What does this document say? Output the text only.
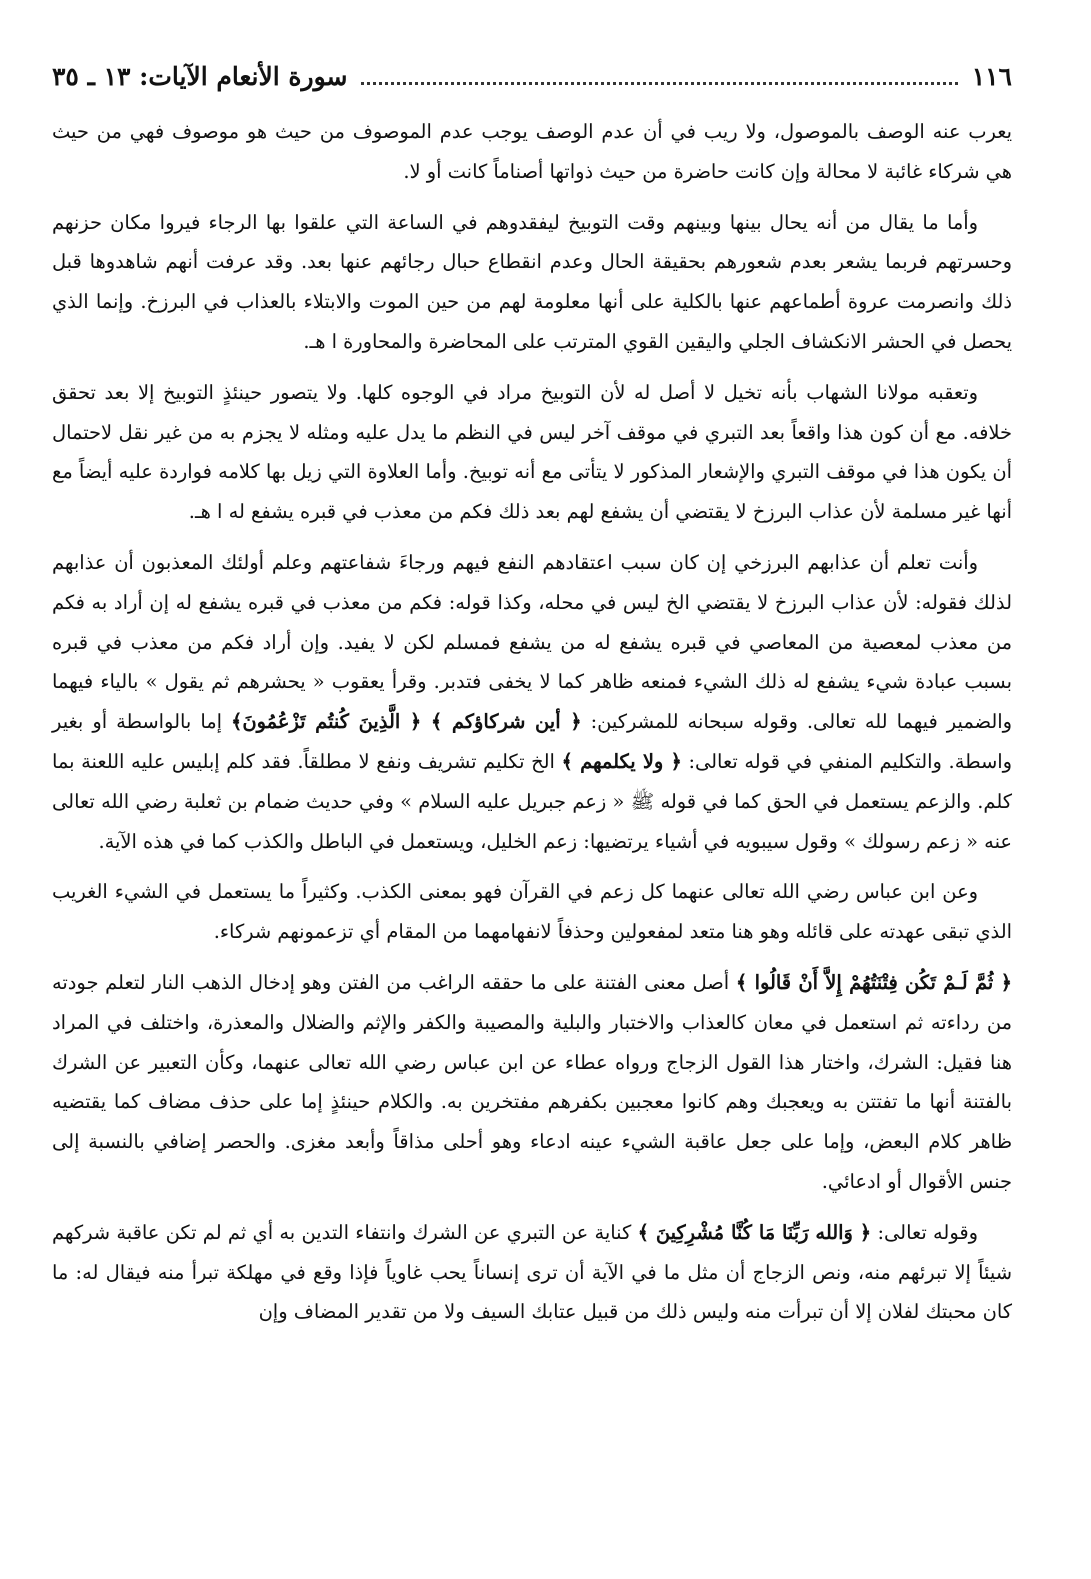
١١٦
سورة الأنعام الآيات: ١٣ ـ ٣٥

يعرب عنه الوصف بالموصول، ولا ريب في أن عدم الوصف يوجب عدم الموصوف من حيث هو موصوف فهي من حيث هي شركاء غائبة لا محالة وإن كانت حاضرة من حيث ذواتها أصناماً كانت أو لا.

وأما ما يقال من أنه يحال بينها وبينهم وقت التوبيخ ليفقدوهم في الساعة التي علقوا بها الرجاء فيروا مكان حزنهم وحسرتهم فربما يشعر بعدم شعورهم بحقيقة الحال وعدم انقطاع حبال رجائهم عنها بعد. وقد عرفت أنهم شاهدوها قبل ذلك وانصرمت عروة أطماعهم عنها بالكلية على أنها معلومة لهم من حين الموت والابتلاء بالعذاب في البرزخ. وإنما الذي يحصل في الحشر الانكشاف الجلي واليقين القوي المترتب على المحاضرة والمحاورة ا هـ.

وتعقبه مولانا الشهاب بأنه تخيل لا أصل له لأن التوبيخ مراد في الوجوه كلها. ولا يتصور حينئذٍ التوبيخ إلا بعد تحقق خلافه. مع أن كون هذا واقعاً بعد التبري في موقف آخر ليس في النظم ما يدل عليه ومثله لا يجزم به من غير نقل لاحتمال أن يكون هذا في موقف التبري والإشعار المذكور لا يتأتى مع أنه توبيخ. وأما العلاوة التي زيل بها كلامه فواردة عليه أيضاً مع أنها غير مسلمة لأن عذاب البرزخ لا يقتضي أن يشفع لهم بعد ذلك فكم من معذب في قبره يشفع له ا هـ.

وأنت تعلم أن عذابهم البرزخي إن كان سبب اعتقادهم النفع فيهم ورجاءَ شفاعتهم وعلم أولئك المعذبون أن عذابهم لذلك فقوله: لأن عذاب البرزخ لا يقتضي الخ ليس في محله، وكذا قوله: فكم من معذب في قبره يشفع له إن أراد به فكم من معذب لمعصية من المعاصي في قبره يشفع له من يشفع فمسلم لكن لا يفيد. وإن أراد فكم من معذب في قبره بسبب عبادة شيء يشفع له ذلك الشيء فمنعه ظاهر كما لا يخفى فتدبر. وقرأ يعقوب « يحشرهم ثم يقول » بالياء فيهما والضمير فيهما لله تعالى. وقوله سبحانه للمشركين: ﴿ أين شركاؤكم ﴾ ﴿ الَّذِينَ كُنتُم تَزْعُمُونَ﴾ إما بالواسطة أو بغير واسطة. والتكليم المنفي في قوله تعالى: ﴿ ولا يكلمهم ﴾ الخ تكليم تشريف ونفع لا مطلقاً. فقد كلم إبليس عليه اللعنة بما كلم. والزعم يستعمل في الحق كما في قوله ﷺ « زعم جبريل عليه السلام » وفي حديث ضمام بن ثعلبة رضي الله تعالى عنه « زعم رسولك » وقول سيبويه في أشياء يرتضيها: زعم الخليل، ويستعمل في الباطل والكذب كما في هذه الآية.

وعن ابن عباس رضي الله تعالى عنهما كل زعم في القرآن فهو بمعنى الكذب. وكثيراً ما يستعمل في الشيء الغريب الذي تبقى عهدته على قائله وهو هنا متعد لمفعولين وحذفاً لانفهامهما من المقام أي تزعمونهم شركاء.

﴿ ثُمَّ لَـمْ تَكُن فِتْنَتُهُمْ إِلاَّ أَنْ قَالُوا ﴾ أصل معنى الفتنة على ما حققه الراغب من الفتن وهو إدخال الذهب النار لتعلم جودته من رداءته ثم استعمل في معان كالعذاب والاختبار والبلية والمصيبة والكفر والإثم والضلال والمعذرة، واختلف في المراد هنا فقيل: الشرك، واختار هذا القول الزجاج ورواه عطاء عن ابن عباس رضي الله تعالى عنهما، وكأن التعبير عن الشرك بالفتنة أنها ما تفتتن به ويعجبك وهم كانوا معجبين بكفرهم مفتخرين به. والكلام حينئذٍ إما على حذف مضاف كما يقتضيه ظاهر كلام البعض، وإما على جعل عاقبة الشيء عينه ادعاء وهو أحلى مذاقاً وأبعد مغزى. والحصر إضافي بالنسبة إلى جنس الأقوال أو ادعائي.

وقوله تعالى: ﴿ وَالله رَبِّنَا مَا كُنَّا مُشْرِكِينَ ﴾ كناية عن التبري عن الشرك وانتفاء التدين به أي ثم لم تكن عاقبة شركهم شيئاً إلا تبرئهم منه، ونص الزجاج أن مثل ما في الآية أن ترى إنساناً يحب غاوياً فإذا وقع في مهلكة تبرأ منه فيقال له: ما كان محبتك لفلان إلا أن تبرأت منه وليس ذلك من قبيل عتابك السيف ولا من تقدير المضاف وإن
